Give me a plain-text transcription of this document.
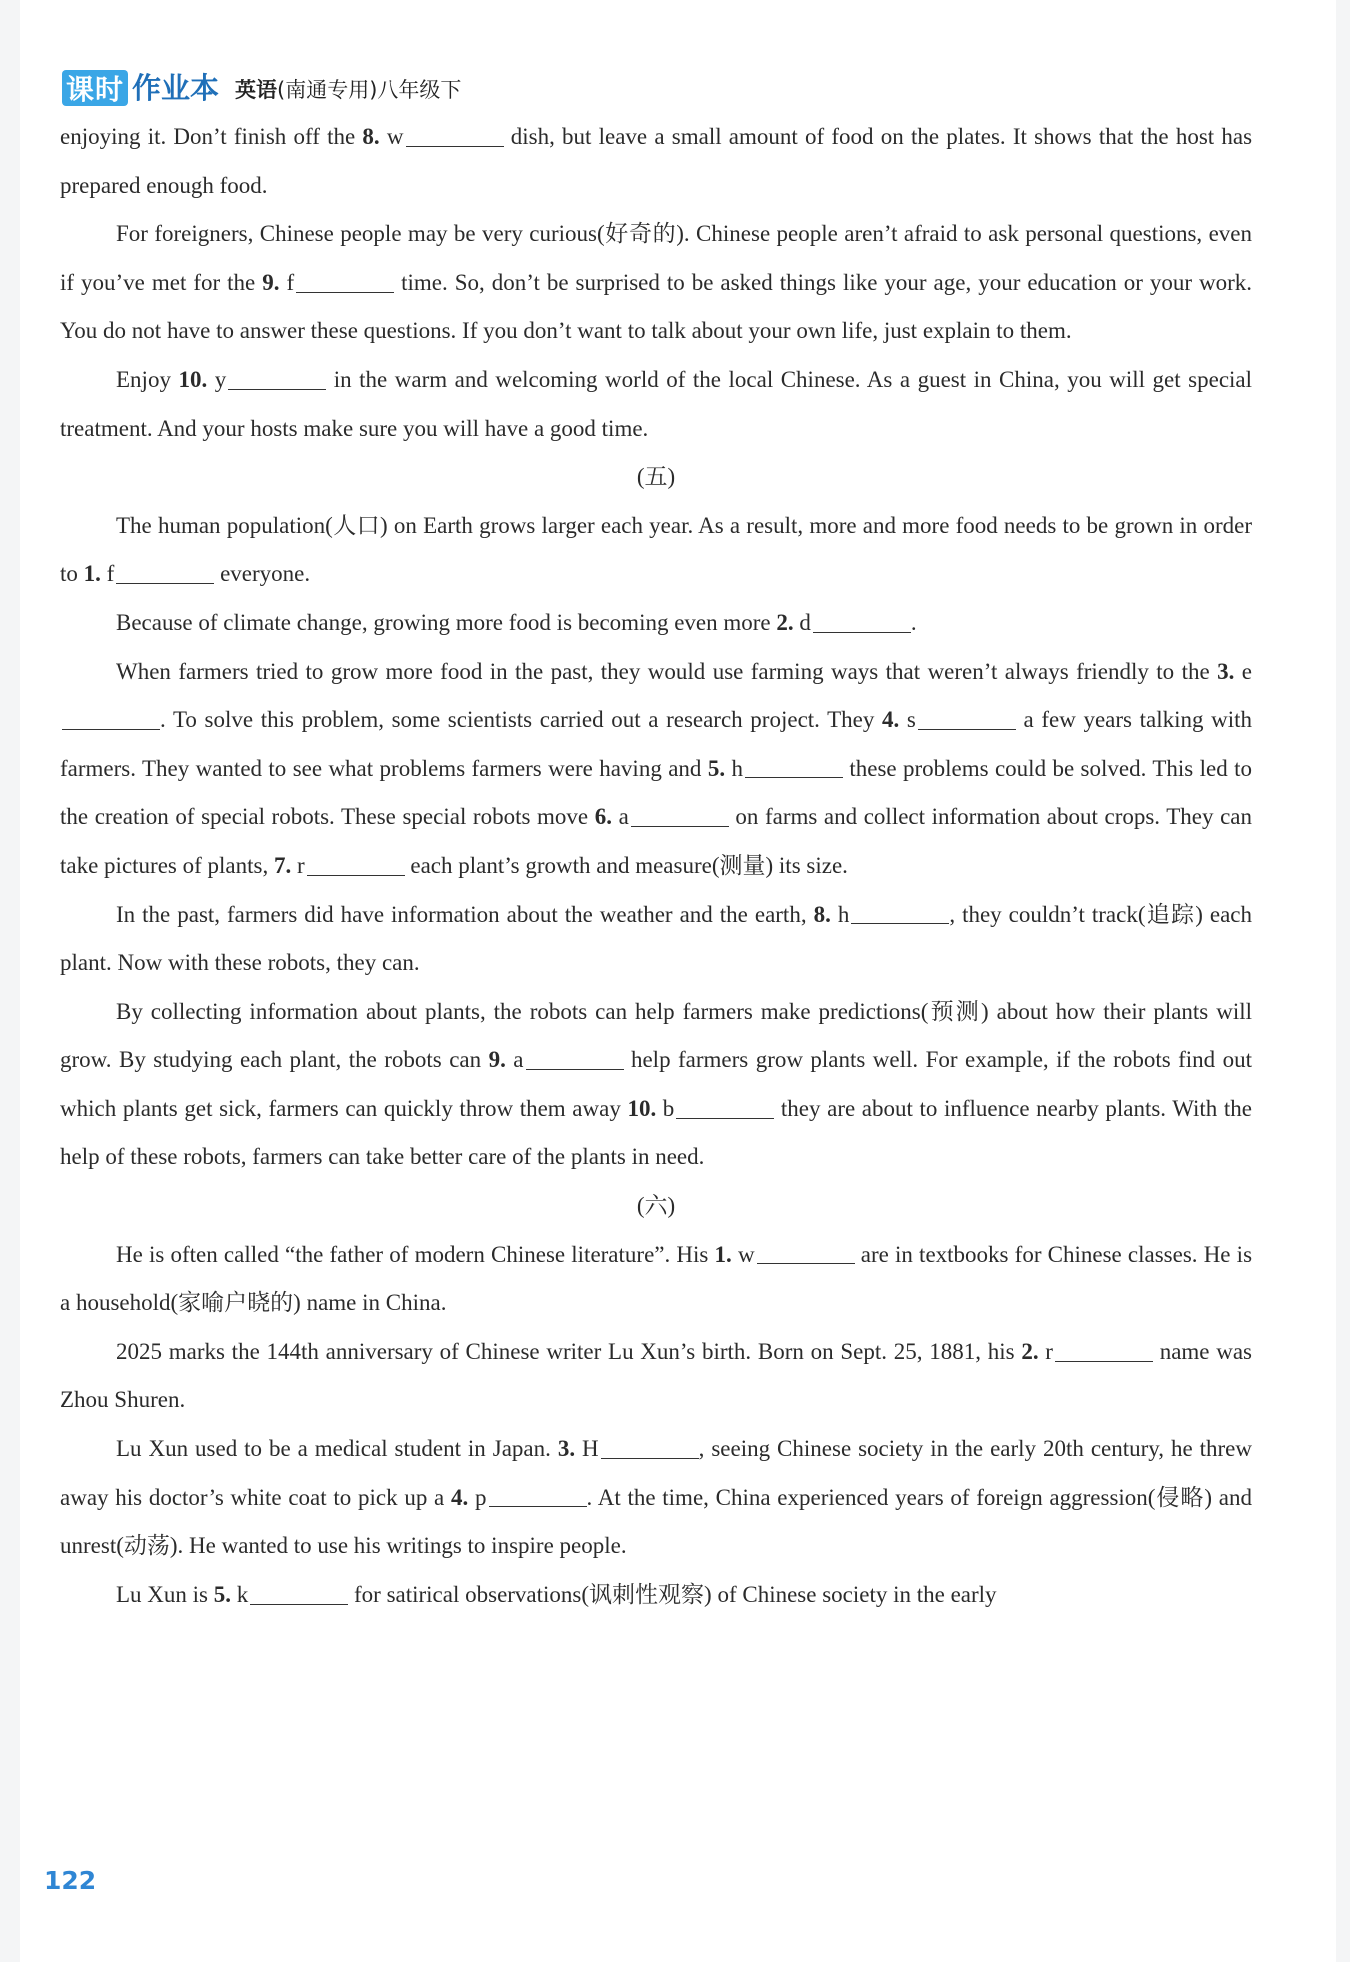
课时 作业本 英语(南通专用)八年级下

enjoying it. Don’t finish off the 8. w	dish, but leave a small amount of food on the plates. It shows that the host has prepared enough food.

For foreigners, Chinese people may be very curious(好奇的). Chinese people aren’t afraid to ask personal questions, even if you’ve met for the 9. f	time. So, don’t be surprised to be asked things like your age, your education or your work. You do not have to answer these questions. If you don’t want to talk about your own life, just explain to them.

Enjoy 10. y	in the warm and welcoming world of the local Chinese. As a guest in China, you will get special treatment. And your hosts make sure you will have a good time.

(五)

The human population(人口) on Earth grows larger each year. As a result, more and more food needs to be grown in order to 1. f	everyone.

Because of climate change, growing more food is becoming even more 2. d	.

When farmers tried to grow more food in the past, they would use farming ways that weren’t always friendly to the 3. e. To solve this problem, some scientists carried out a research project. They 4. s	a few years talking with farmers. They wanted to see what problems farmers were having and 5. h	these problems could be solved. This led to the creation of special robots. These special robots move 6. a	on farms and collect information about crops. They can take pictures of plants, 7. r	each plant’s growth and measure(测量) its size.

In the past, farmers did have information about the weather and the earth, 8. h	, they couldn’t track(追踪) each plant. Now with these robots, they can.

By collecting information about plants, the robots can help farmers make predictions(预测) about how their plants will grow. By studying each plant, the robots can 9. a	help farmers grow plants well. For example, if the robots find out which plants get sick, farmers can quickly throw them away 10. b	they are about to influence nearby plants. With the help of these robots, farmers can take better care of the plants in need.

(六)

He is often called “the father of modern Chinese literature”. His 1. w	are in textbooks for Chinese classes. He is a household(家喻户晓的) name in China.

2025 marks the 144th anniversary of Chinese writer Lu Xun’s birth. Born on Sept. 25, 1881, his 2. r	name was Zhou Shuren.

Lu Xun used to be a medical student in Japan. 3. H	, seeing Chinese society in the early 20th century, he threw away his doctor’s white coat to pick up a 4. p	. At the time, China experienced years of foreign aggression(侵略) and unrest(动荡). He wanted to use his writings to inspire people.

Lu Xun is 5. k	for satirical observations(讽刺性观察) of Chinese society in the early

122
